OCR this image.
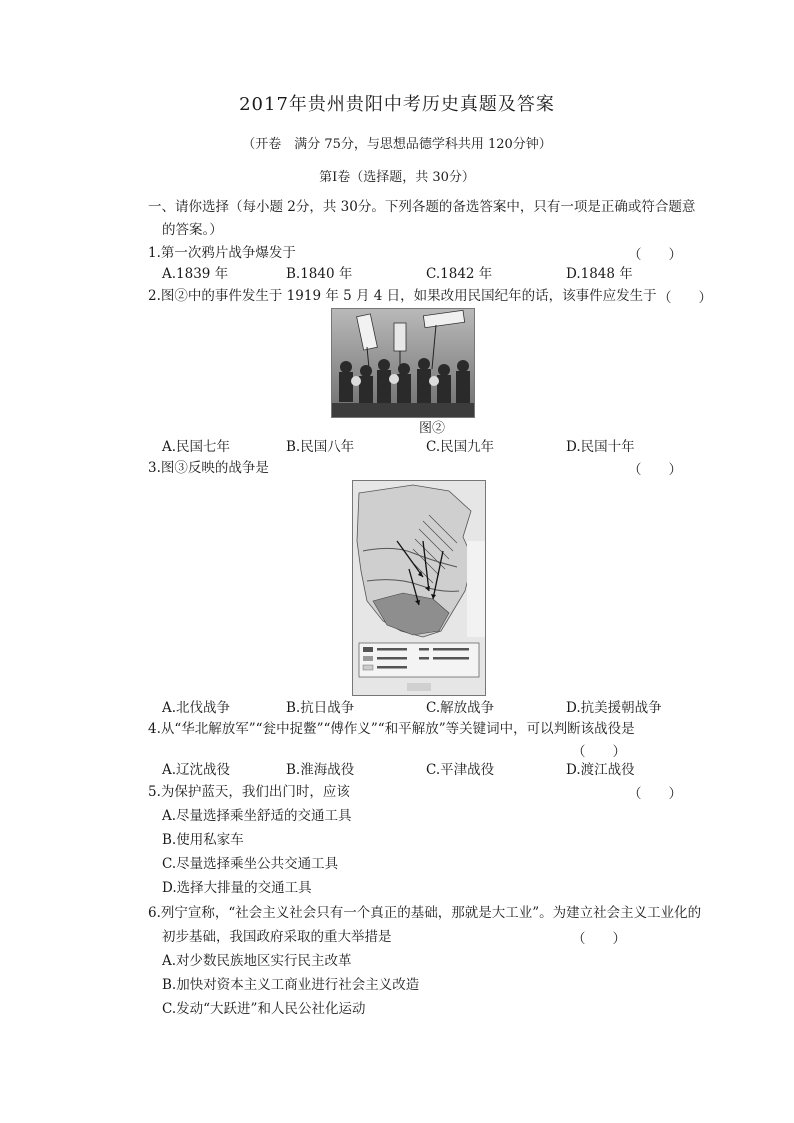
2017年贵州贵阳中考历史真题及答案
（开卷　满分 75分，与思想品德学科共用 120分钟）
第Ⅰ卷（选择题，共 30分）
一、请你选择（每小题 2分，共 30分。下列各题的备选答案中，只有一项是正确或符合题意
的答案。）
1.第一次鸦片战争爆发于	（　　）
A.1839 年	B.1840 年	C.1842 年	D.1848 年
2.图②中的事件发生于 1919 年 5 月 4 日，如果改用民国纪年的话，该事件应发生于 （　　）
图②
A.民国七年	B.民国八年	C.民国九年	D.民国十年
3.图③反映的战争是	（　　）
A.北伐战争	B.抗日战争	C.解放战争	D.抗美援朝战争
4.从“华北解放军”“瓮中捉鳖”“傅作义”“和平解放”等关键词中，可以判断该战役是
（　　）
A.辽沈战役	B.淮海战役	C.平津战役	D.渡江战役
5.为保护蓝天，我们出门时，应该	（　　）
A.尽量选择乘坐舒适的交通工具
B.使用私家车
C.尽量选择乘坐公共交通工具
D.选择大排量的交通工具
6.列宁宣称，“社会主义社会只有一个真正的基础，那就是大工业”。为建立社会主义工业化的
初步基础，我国政府采取的重大举措是	（　　）
A.对少数民族地区实行民主改革
B.加快对资本主义工商业进行社会主义改造
C.发动“大跃进”和人民公社化运动
